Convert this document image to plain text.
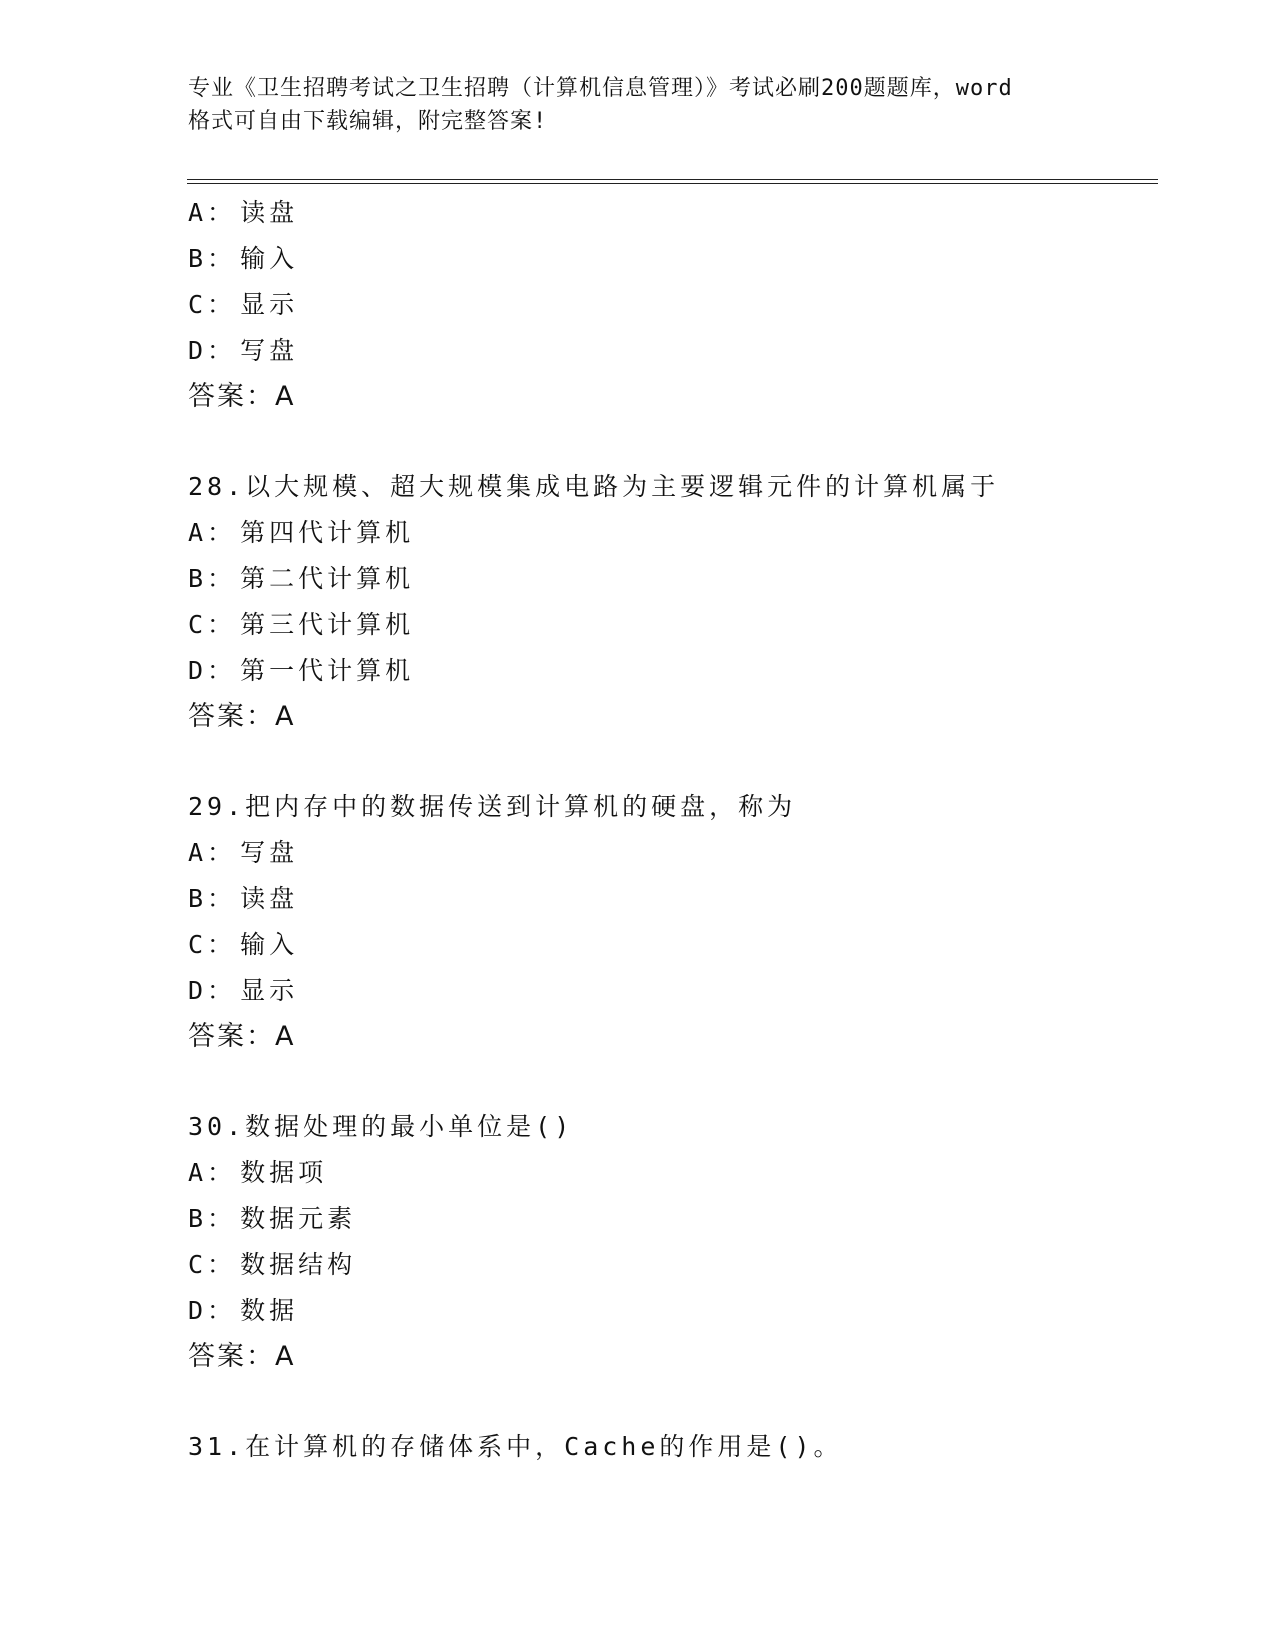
专业《卫生招聘考试之卫生招聘（计算机信息管理）》考试必刷200题题库，word
格式可自由下载编辑，附完整答案!
A： 读盘
B： 输入
C： 显示
D： 写盘
答案：A
28.以大规模、超大规模集成电路为主要逻辑元件的计算机属于
A： 第四代计算机
B： 第二代计算机
C： 第三代计算机
D： 第一代计算机
答案：A
29.把内存中的数据传送到计算机的硬盘，称为
A： 写盘
B： 读盘
C： 输入
D： 显示
答案：A
30.数据处理的最小单位是()
A： 数据项
B： 数据元素
C： 数据结构
D： 数据
答案：A
31.在计算机的存储体系中，Cache的作用是()。
